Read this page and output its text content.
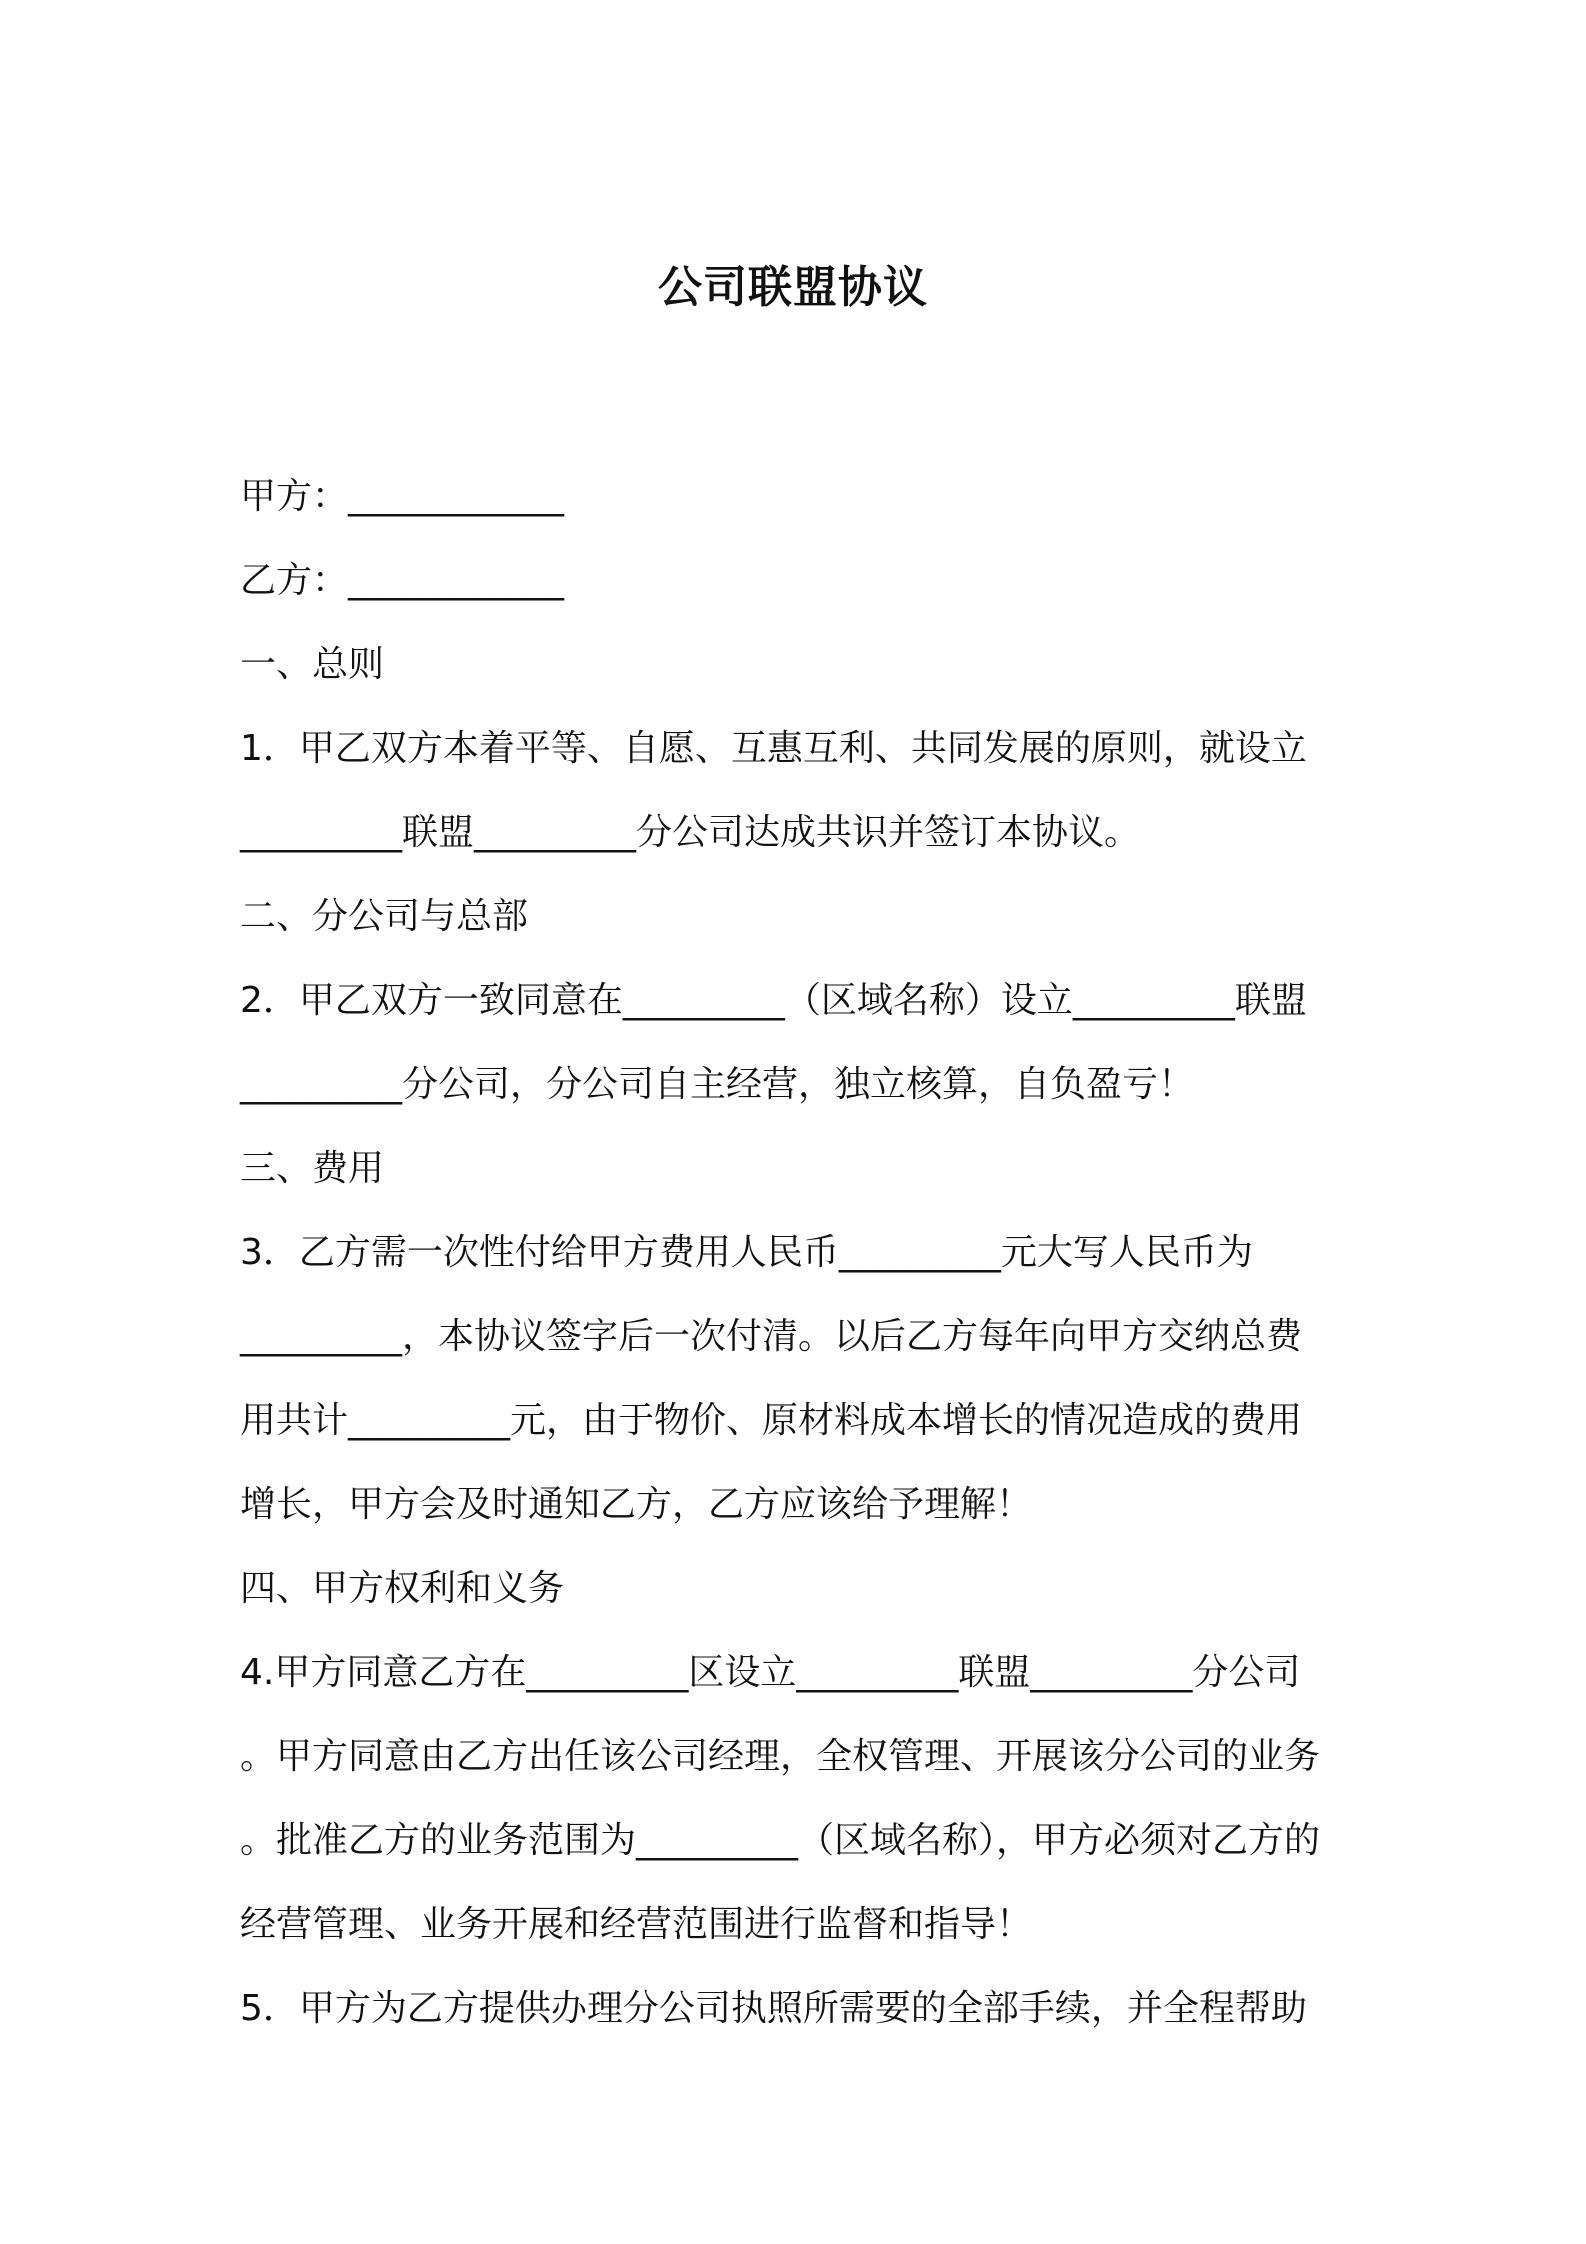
公司联盟协议
甲方：____________
乙方：____________
一、总则
1．甲乙双方本着平等、自愿、互惠互利、共同发展的原则，就设立
_________联盟_________分公司达成共识并签订本协议。
二、分公司与总部
2．甲乙双方一致同意在_________（区域名称）设立_________联盟
_________分公司，分公司自主经营，独立核算，自负盈亏！
三、费用
3．乙方需一次性付给甲方费用人民币_________元大写人民币为
_________，本协议签字后一次付清。以后乙方每年向甲方交纳总费
用共计_________元，由于物价、原材料成本增长的情况造成的费用
增长，甲方会及时通知乙方，乙方应该给予理解！
四、甲方权利和义务
4.甲方同意乙方在_________区设立_________联盟_________分公司
。甲方同意由乙方出任该公司经理，全权管理、开展该分公司的业务
。批准乙方的业务范围为_________（区域名称），甲方必须对乙方的
经营管理、业务开展和经营范围进行监督和指导！
5．甲方为乙方提供办理分公司执照所需要的全部手续，并全程帮助
